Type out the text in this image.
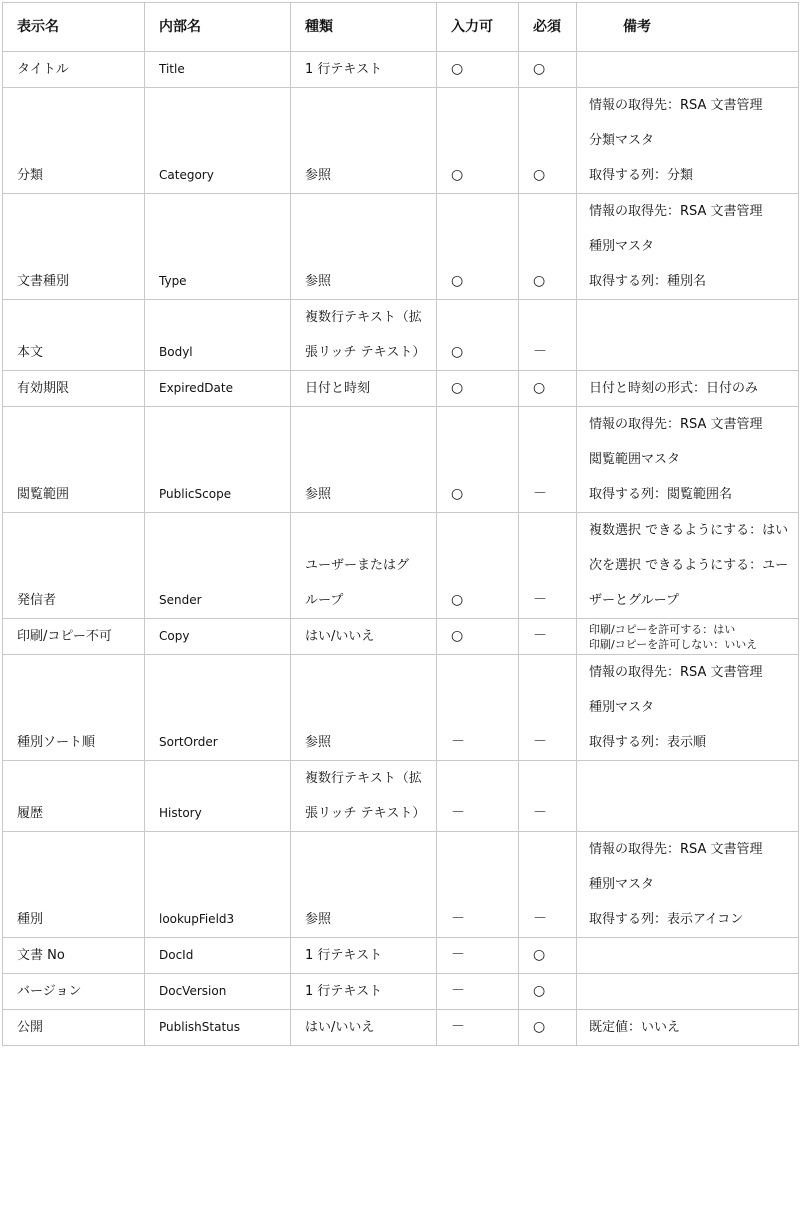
表示名	内部名	種類	入力可	必須	備考
タイトル	Title	1 行テキスト	○	○	
分類	Category	参照	○	○	情報の取得先：RSA 文書管理
分類マスタ
取得する列：分類

文書種別	Type	参照	○	○	情報の取得先：RSA 文書管理
種別マスタ
取得する列：種別名

本文	Bodyl	複数行テキスト（拡
張リッチ テキスト）	○	－	
有効期限	ExpiredDate	日付と時刻	○	○	日付と時刻の形式：日付のみ

閲覧範囲	PublicScope	参照	○	－	情報の取得先：RSA 文書管理
閲覧範囲マスタ
取得する列：閲覧範囲名

発信者	Sender	ユーザーまたはグ
ループ	○	－	複数選択 できるようにする：はい
次を選択 できるようにする：ユー
ザーとグループ

印刷/コピー不可	Copy	はい/いいえ	○	－	印刷/コピーを許可する：はい
印刷/コピーを許可しない：いいえ

種別ソート順	SortOrder	参照	－	－	情報の取得先：RSA 文書管理
種別マスタ
取得する列：表示順

履歴	History	複数行テキスト（拡
張リッチ テキスト）	－	－	
種別	lookupField3	参照	－	－	情報の取得先：RSA 文書管理
種別マスタ
取得する列：表示アイコン

文書 No	DocId	1 行テキスト	－	○	
バージョン	DocVersion	1 行テキスト	－	○	
公開	PublishStatus	はい/いいえ	－	○	既定値：いいえ
